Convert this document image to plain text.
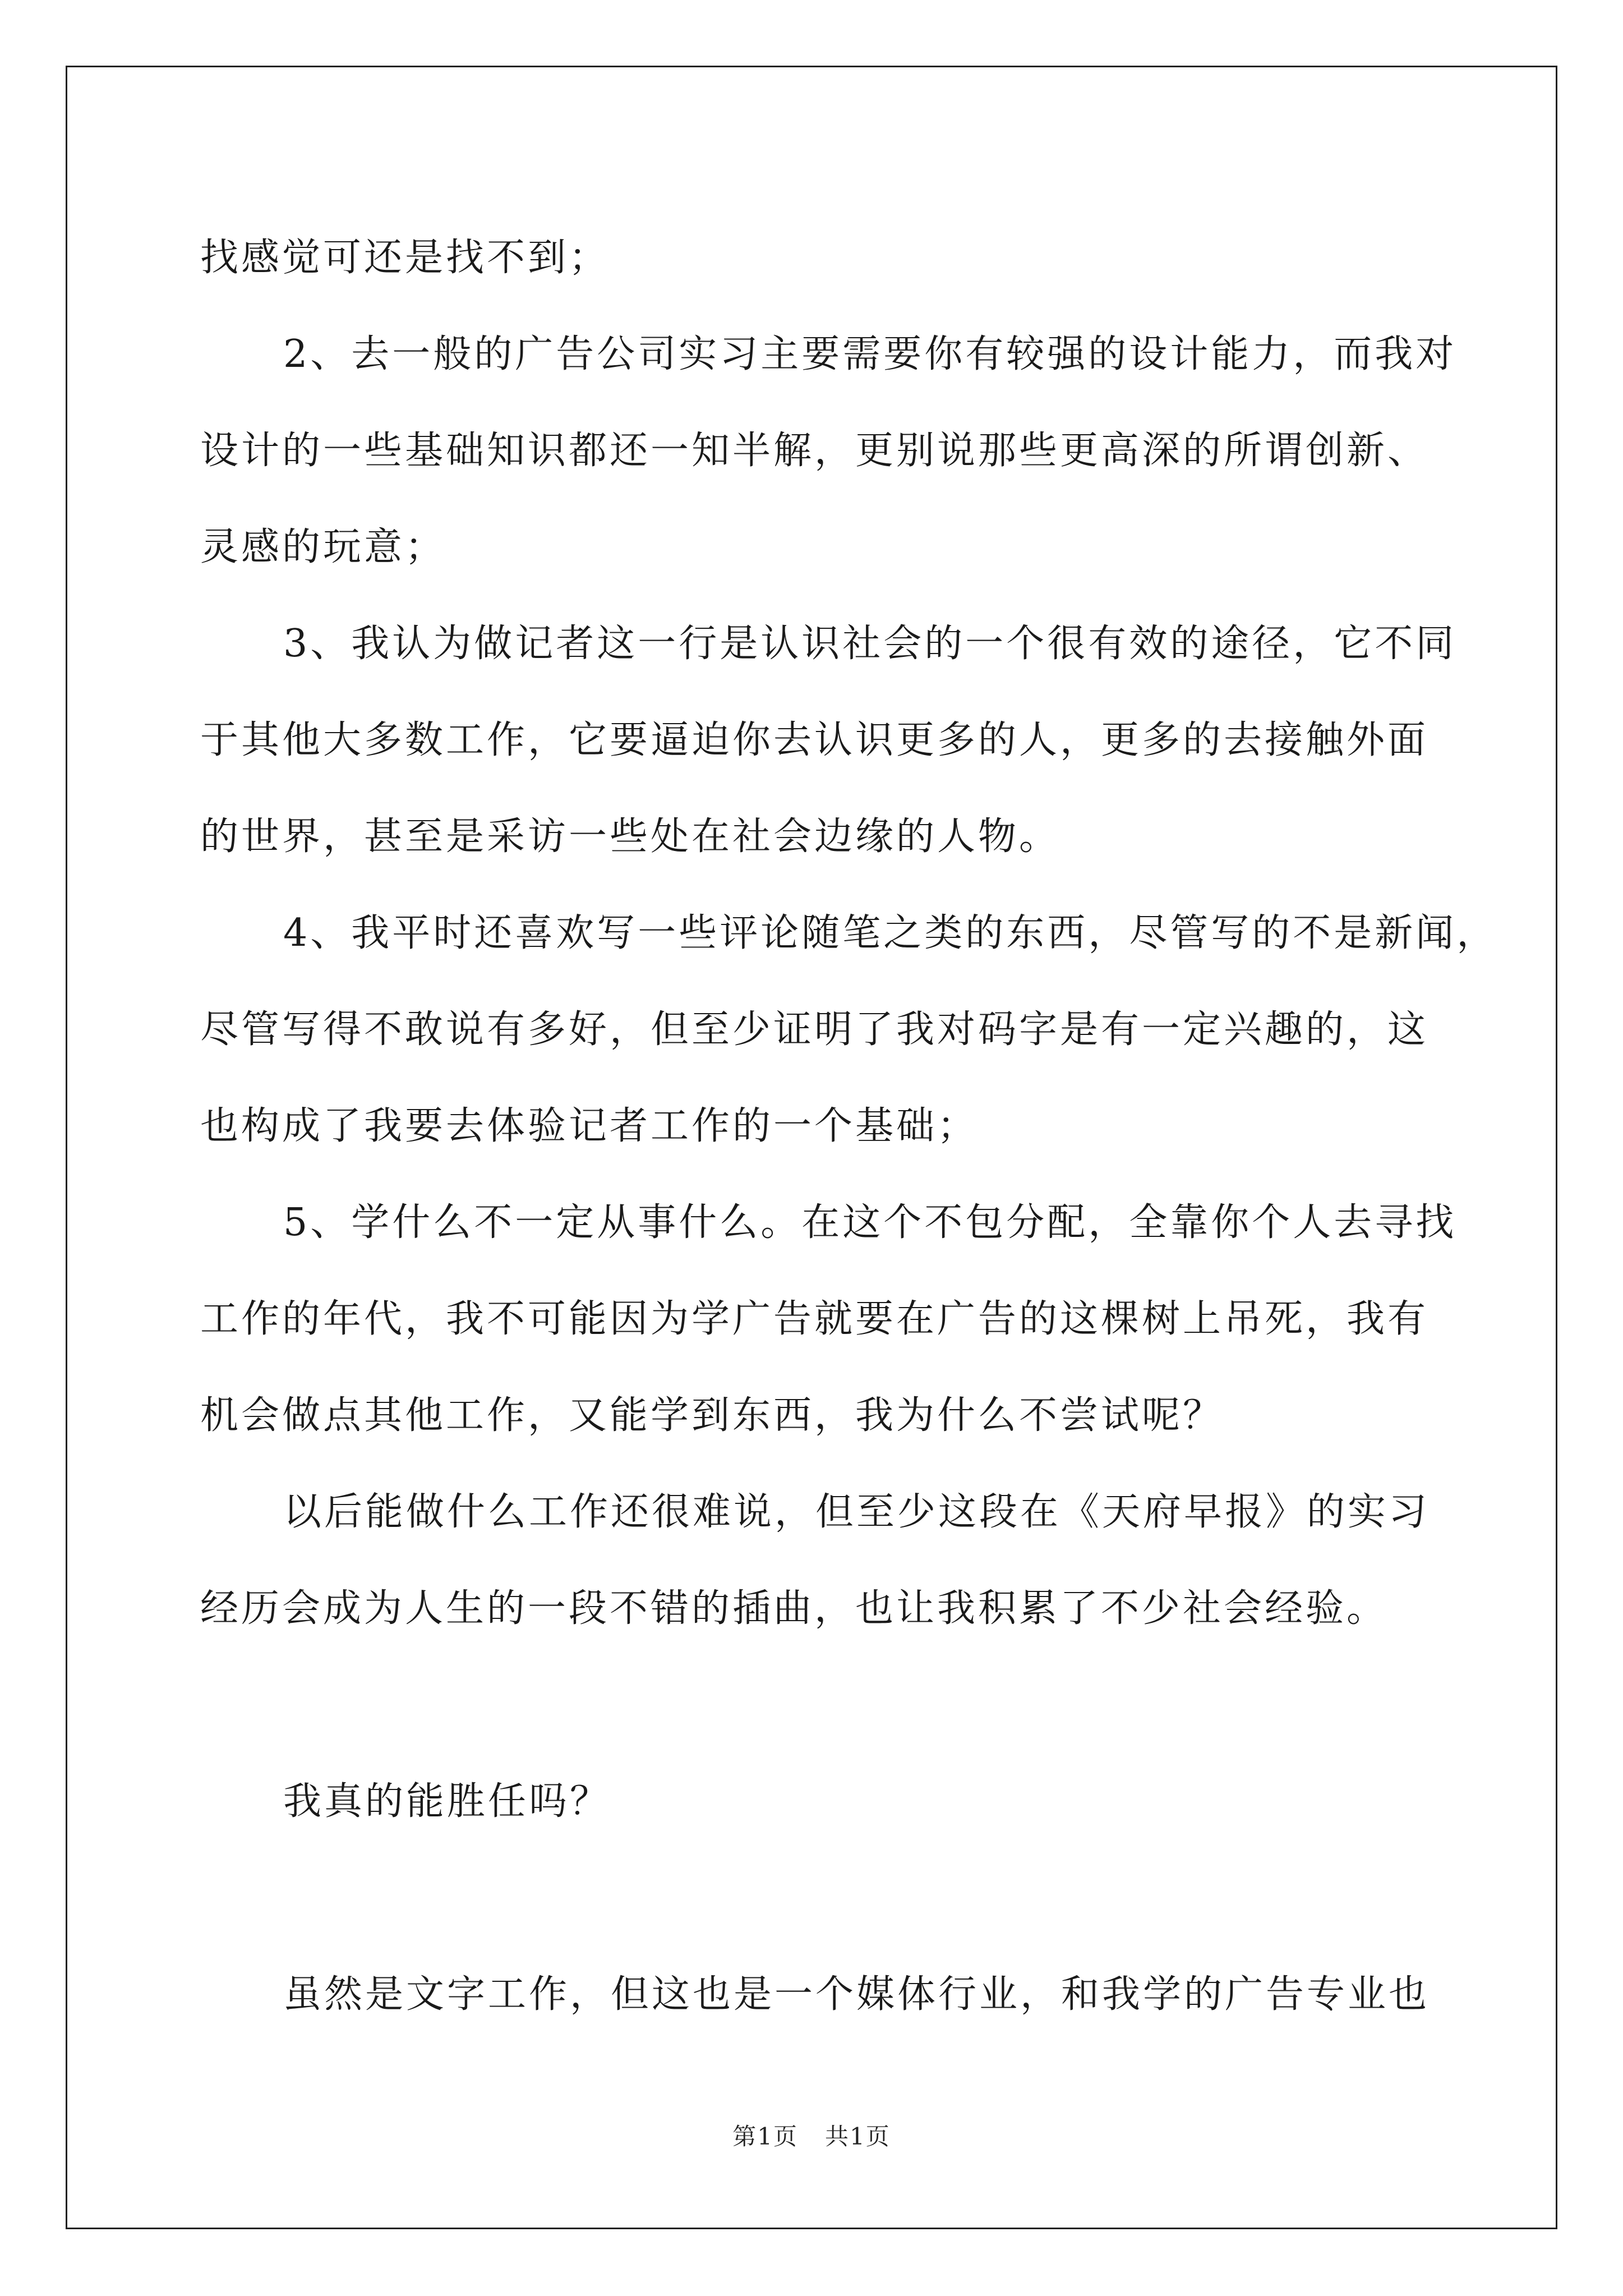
找感觉可还是找不到；
2、去一般的广告公司实习主要需要你有较强的设计能力，而我对
设计的一些基础知识都还一知半解，更别说那些更高深的所谓创新、
灵感的玩意；
3、我认为做记者这一行是认识社会的一个很有效的途径，它不同
于其他大多数工作，它要逼迫你去认识更多的人，更多的去接触外面
的世界，甚至是采访一些处在社会边缘的人物。
4、我平时还喜欢写一些评论随笔之类的东西，尽管写的不是新闻，
尽管写得不敢说有多好，但至少证明了我对码字是有一定兴趣的，这
也构成了我要去体验记者工作的一个基础；
5、学什么不一定从事什么。在这个不包分配，全靠你个人去寻找
工作的年代，我不可能因为学广告就要在广告的这棵树上吊死，我有
机会做点其他工作，又能学到东西，我为什么不尝试呢？
以后能做什么工作还很难说，但至少这段在《天府早报》的实习
经历会成为人生的一段不错的插曲，也让我积累了不少社会经验。
我真的能胜任吗？
虽然是文字工作，但这也是一个媒体行业，和我学的广告专业也
第1页 共1页
